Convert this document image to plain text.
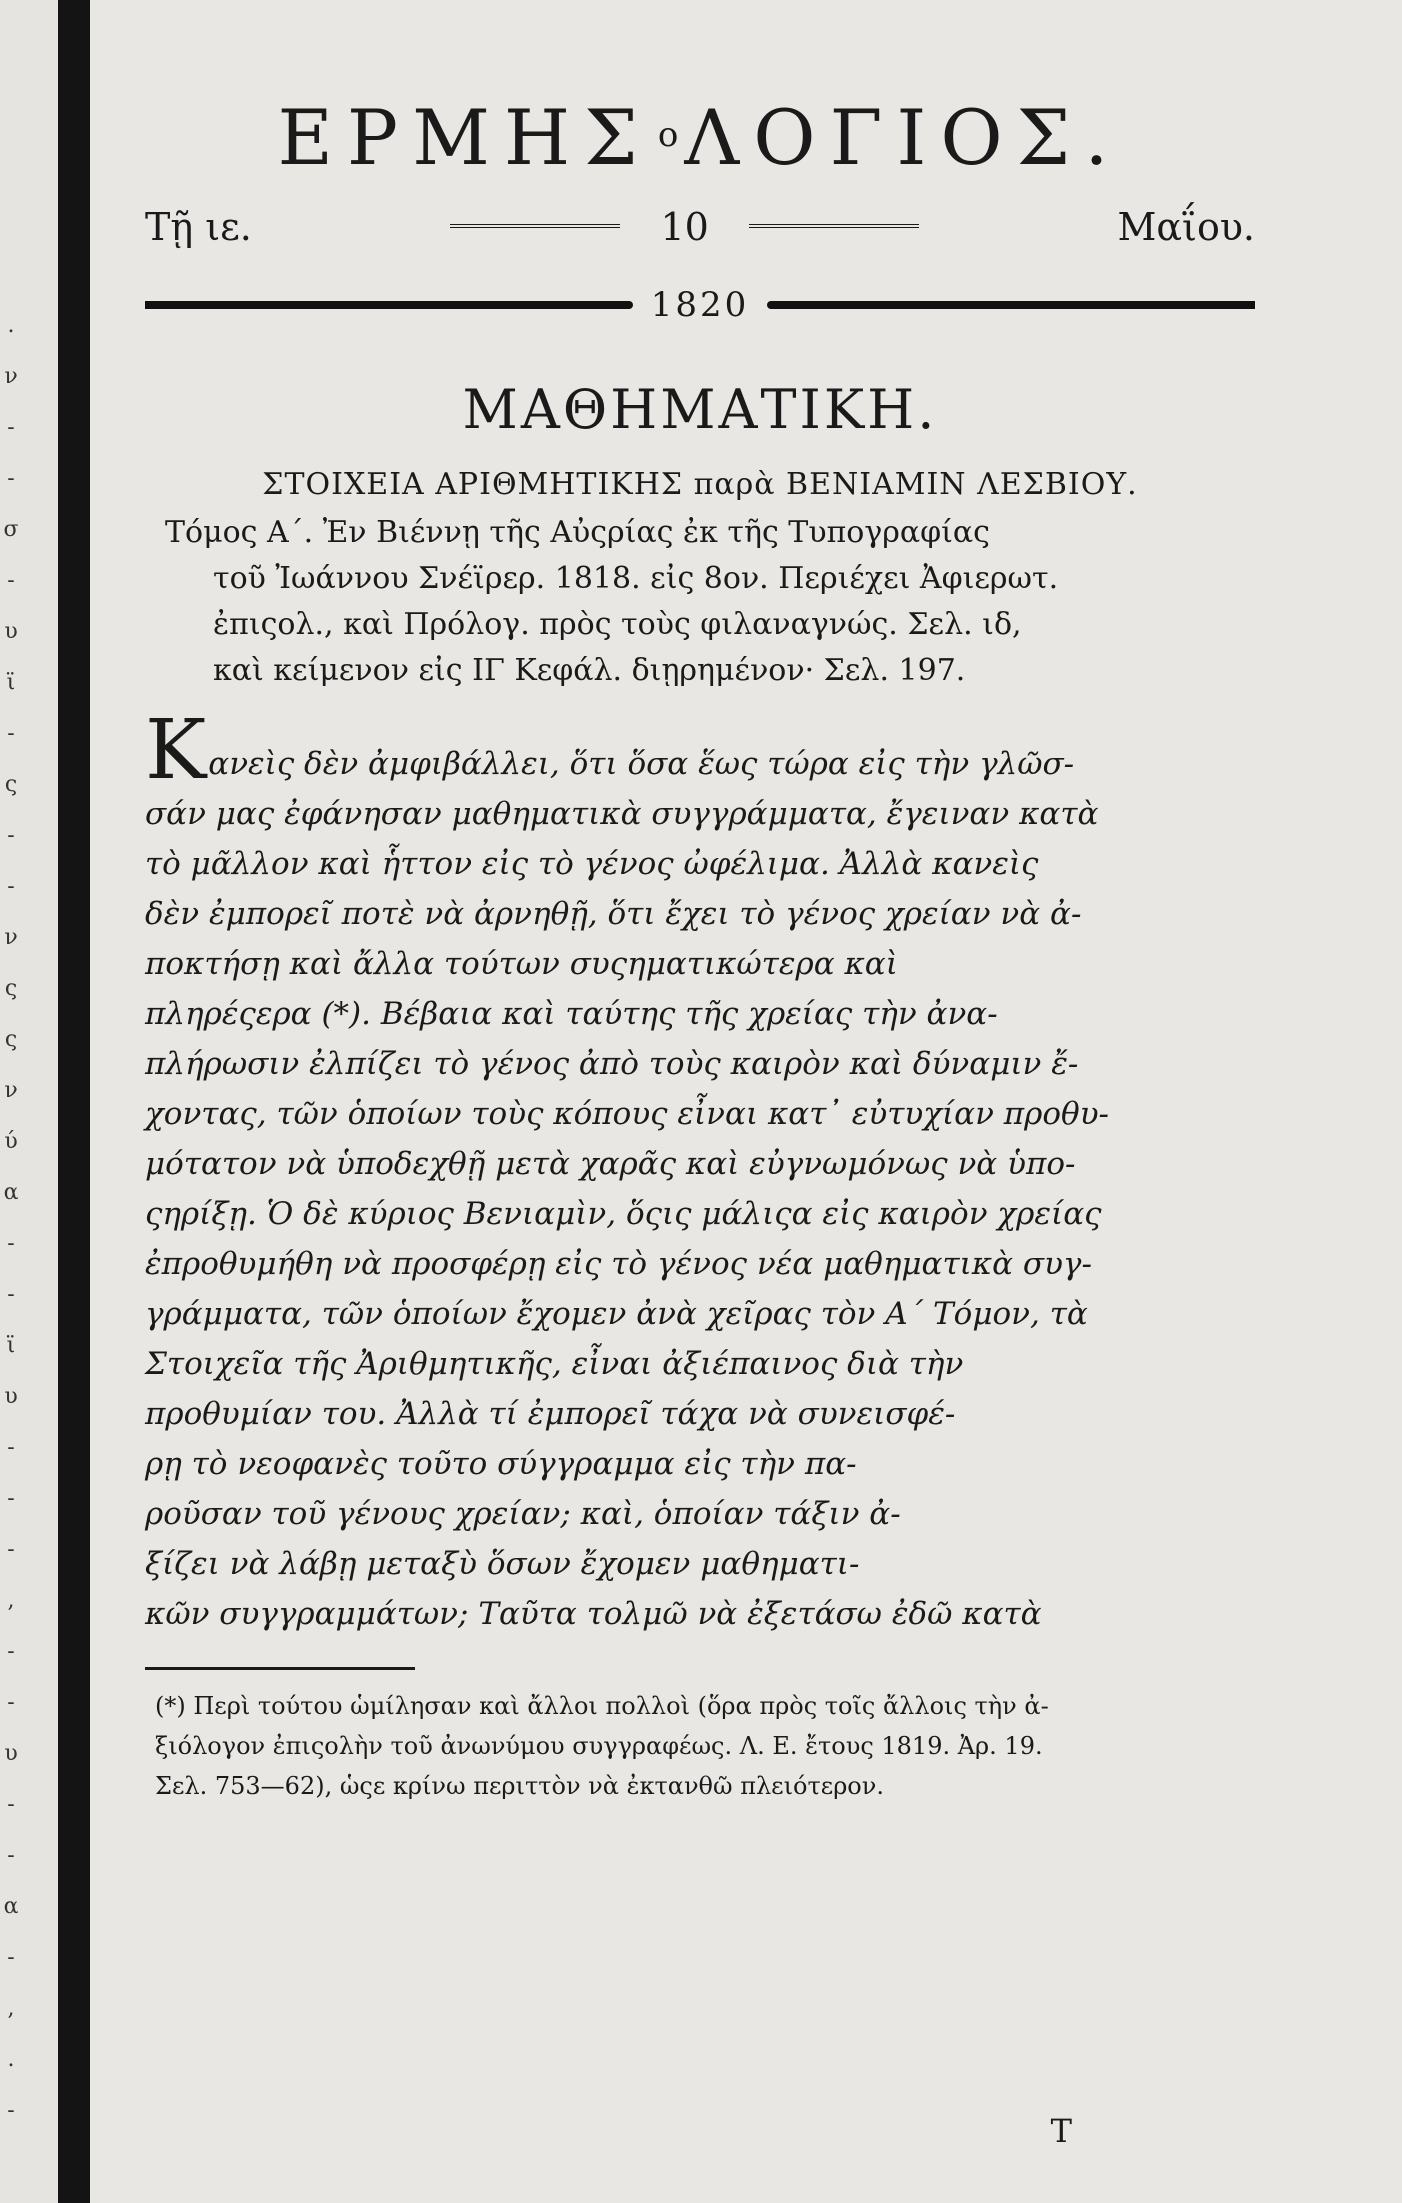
.
ν
-
-
σ
-
υ
ϊ
-
ς
-
-
ν
ς
ς
ν
ύ
α
-
-
ϊ
υ
-
-
-
,
-
-
υ
-
-
α
-
,
.
-
ΕΡΜΗΣ $^o$ΛΟΓΙΟΣ.
Τῇ ιε.	10	Μαΐου.
1820
ΜΑΘΗΜΑΤΙΚΗ.
ΣΤΟΙΧΕΙΑ ΑΡΙΘΜΗΤΙΚΗΣ παρὰ ΒΕΝΙΑΜΙΝ ΛΕΣΒΙΟΥ.
Τόμος Α΄. Ἐν Βιέννῃ τῆς Αὐςρίας ἐκ τῆς Τυπογραφίας
τοῦ Ἰωάννου Σνέϊρερ. 1818. εἰς 8ον. Περιέχει Ἀφιερωτ.
ἐπιςολ., καὶ Πρόλογ. πρὸς τοὺς φιλαναγνώς. Σελ. ιδ,
καὶ κείμενον εἰς ΙΓ Κεφάλ. διῃρημένον· Σελ. 197.
Κανεὶς δὲν ἀμφιβάλλει, ὅτι ὅσα ἕως τώρα εἰς τὴν γλῶσ-
σάν μας ἐφάνησαν μαθηματικὰ συγγράμματα, ἔγειναν κατὰ
τὸ μᾶλλον καὶ ἧττον εἰς τὸ γένος ὠφέλιμα. Ἀλλὰ κανεὶς
δὲν ἐμπορεῖ ποτὲ νὰ ἀρνηθῇ, ὅτι ἔχει τὸ γένος χρείαν νὰ ἀ-
ποκτήσῃ καὶ ἄλλα τούτων συςηματικώτερα καὶ
πληρέςερα (*). Βέβαια καὶ ταύτης τῆς χρείας τὴν ἀνα-
πλήρωσιν ἐλπίζει τὸ γένος ἀπὸ τοὺς καιρὸν καὶ δύναμιν ἔ-
χοντας, τῶν ὁποίων τοὺς κόπους εἶναι κατ᾽ εὐτυχίαν προθυ-
μότατον νὰ ὑποδεχθῇ μετὰ χαρᾶς καὶ εὐγνωμόνως νὰ ὑπο-
ςηρίξῃ. Ὁ δὲ κύριος Βενιαμὶν, ὅςις μάλιςα εἰς καιρὸν χρείας
ἐπροθυμήθη νὰ προσφέρῃ εἰς τὸ γένος νέα μαθηματικὰ συγ-
γράμματα, τῶν ὁποίων ἔχομεν ἀνὰ χεῖρας τὸν Α΄ Τόμον, τὰ
Στοιχεῖα τῆς Ἀριθμητικῆς, εἶναι ἀξιέπαινος διὰ τὴν
προθυμίαν του. Ἀλλὰ τί ἐμπορεῖ τάχα νὰ συνεισφέ-
ρῃ τὸ νεοφανὲς τοῦτο σύγγραμμα εἰς τὴν πα-
ροῦσαν τοῦ γένους χρείαν; καὶ, ὁποίαν τάξιν ἀ-
ξίζει νὰ λάβῃ μεταξὺ ὅσων ἔχομεν μαθηματι-
κῶν συγγραμμάτων; Ταῦτα τολμῶ νὰ ἐξετάσω ἐδῶ κατὰ
(*) Περὶ τούτου ὡμίλησαν καὶ ἄλλοι πολλοὶ (ὅρα πρὸς τοῖς ἄλλοις τὴν ἀ-
ξιόλογον ἐπιςολὴν τοῦ ἀνωνύμου συγγραφέως. Λ. Ε. ἔτους 1819. Ἀρ. 19.
Σελ. 753—62), ὡςε κρίνω περιττὸν νὰ ἐκτανθῶ πλειότερον.
T
